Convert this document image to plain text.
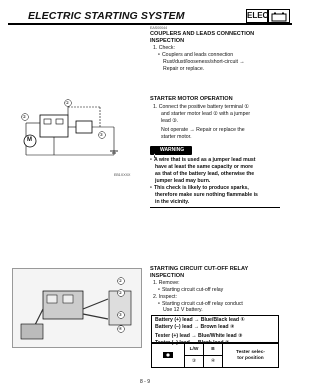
ELECTRIC STARTING SYSTEM	ELEC
EAS00044
COUPLERS AND LEADS CONNECTION
INSPECTION
1. Check:
● Couplers and leads connection
Rust/dust/looseness/short-circuit →
Repair or replace.
M
①
②
③
EB1XXXX
STARTER MOTOR OPERATION
1. Connect the positive battery terminal ①
and starter motor lead ② with a jumper
lead ③.
Not operate → Repair or replace the
starter motor.
WARNING
● A wire that is used as a jumper lead must
have at least the same capacity or more
as that of the battery lead, otherwise the
jumper lead may burn.
● This check is likely to produce sparks,
therefore make sure nothing flammable is
in the vicinity.
①
②
③
④
STARTING CIRCUIT CUT-OFF RELAY
INSPECTION
1. Remove:
● Starting circuit cut-off relay
2. Inspect:
● Starting circuit cut-off relay conduct
Use 12 V battery.
Battery (+) lead → Blue/Black lead ①
Battery (–) lead → Brown lead ②
Tester (+) lead → Blue/White lead ③
Tester (–) lead → Black lead ④
	L/W	B	Tester selec-
tor position

	③	④	
8 - 9
